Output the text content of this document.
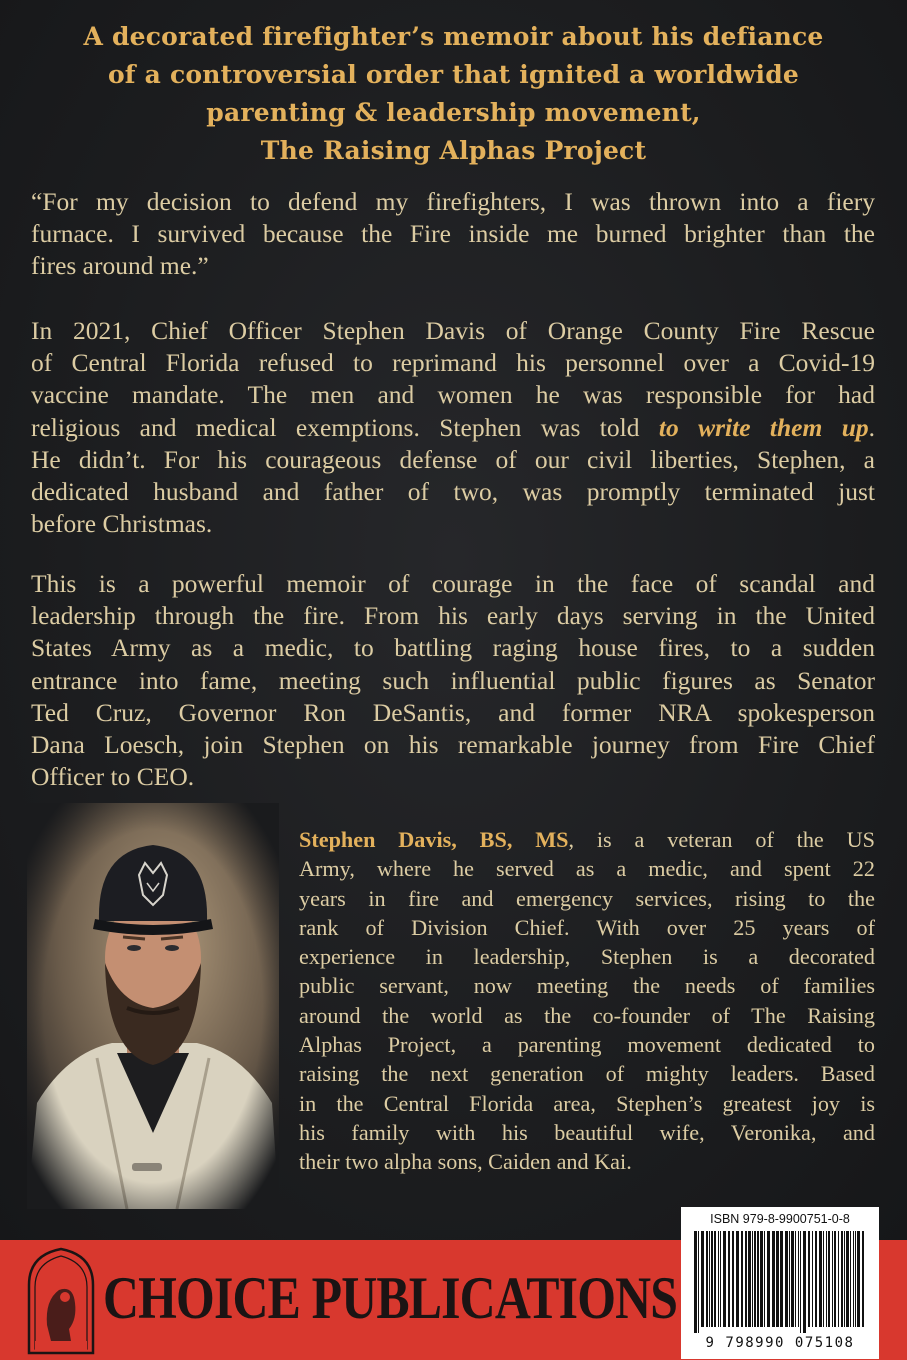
A decorated firefighter’s memoir about his defiance
of a controversial order that ignited a worldwide
parenting & leadership movement,
The Raising Alphas Project
“For my decision to defend my firefighters, I was thrown into a fiery
furnace. I survived because the Fire inside me burned brighter than the
fires around me.”
In 2021, Chief Officer Stephen Davis of Orange County Fire Rescue
of Central Florida refused to reprimand his personnel over a Covid-19
vaccine mandate. The men and women he was responsible for had
religious and medical exemptions. Stephen was told to write them up.
He didn’t. For his courageous defense of our civil liberties, Stephen, a
dedicated husband and father of two, was promptly terminated just
before Christmas.
This is a powerful memoir of courage in the face of scandal and
leadership through the fire. From his early days serving in the United
States Army as a medic, to battling raging house fires, to a sudden
entrance into fame, meeting such influential public figures as Senator
Ted Cruz, Governor Ron DeSantis, and former NRA spokesperson
Dana Loesch, join Stephen on his remarkable journey from Fire Chief
Officer to CEO.
Stephen Davis, BS, MS, is a veteran of the US
Army, where he served as a medic, and spent 22
years in fire and emergency services, rising to the
rank of Division Chief. With over 25 years of
experience in leadership, Stephen is a decorated
public servant, now meeting the needs of families
around the world as the co-founder of The Raising
Alphas Project, a parenting movement dedicated to
raising the next generation of mighty leaders. Based
in the Central Florida area, Stephen’s greatest joy is
his family with his beautiful wife, Veronika, and
their two alpha sons, Caiden and Kai.
CHOICE PUBLICATIONS
ISBN 979-8-9900751-0-8
9 798990 075108
